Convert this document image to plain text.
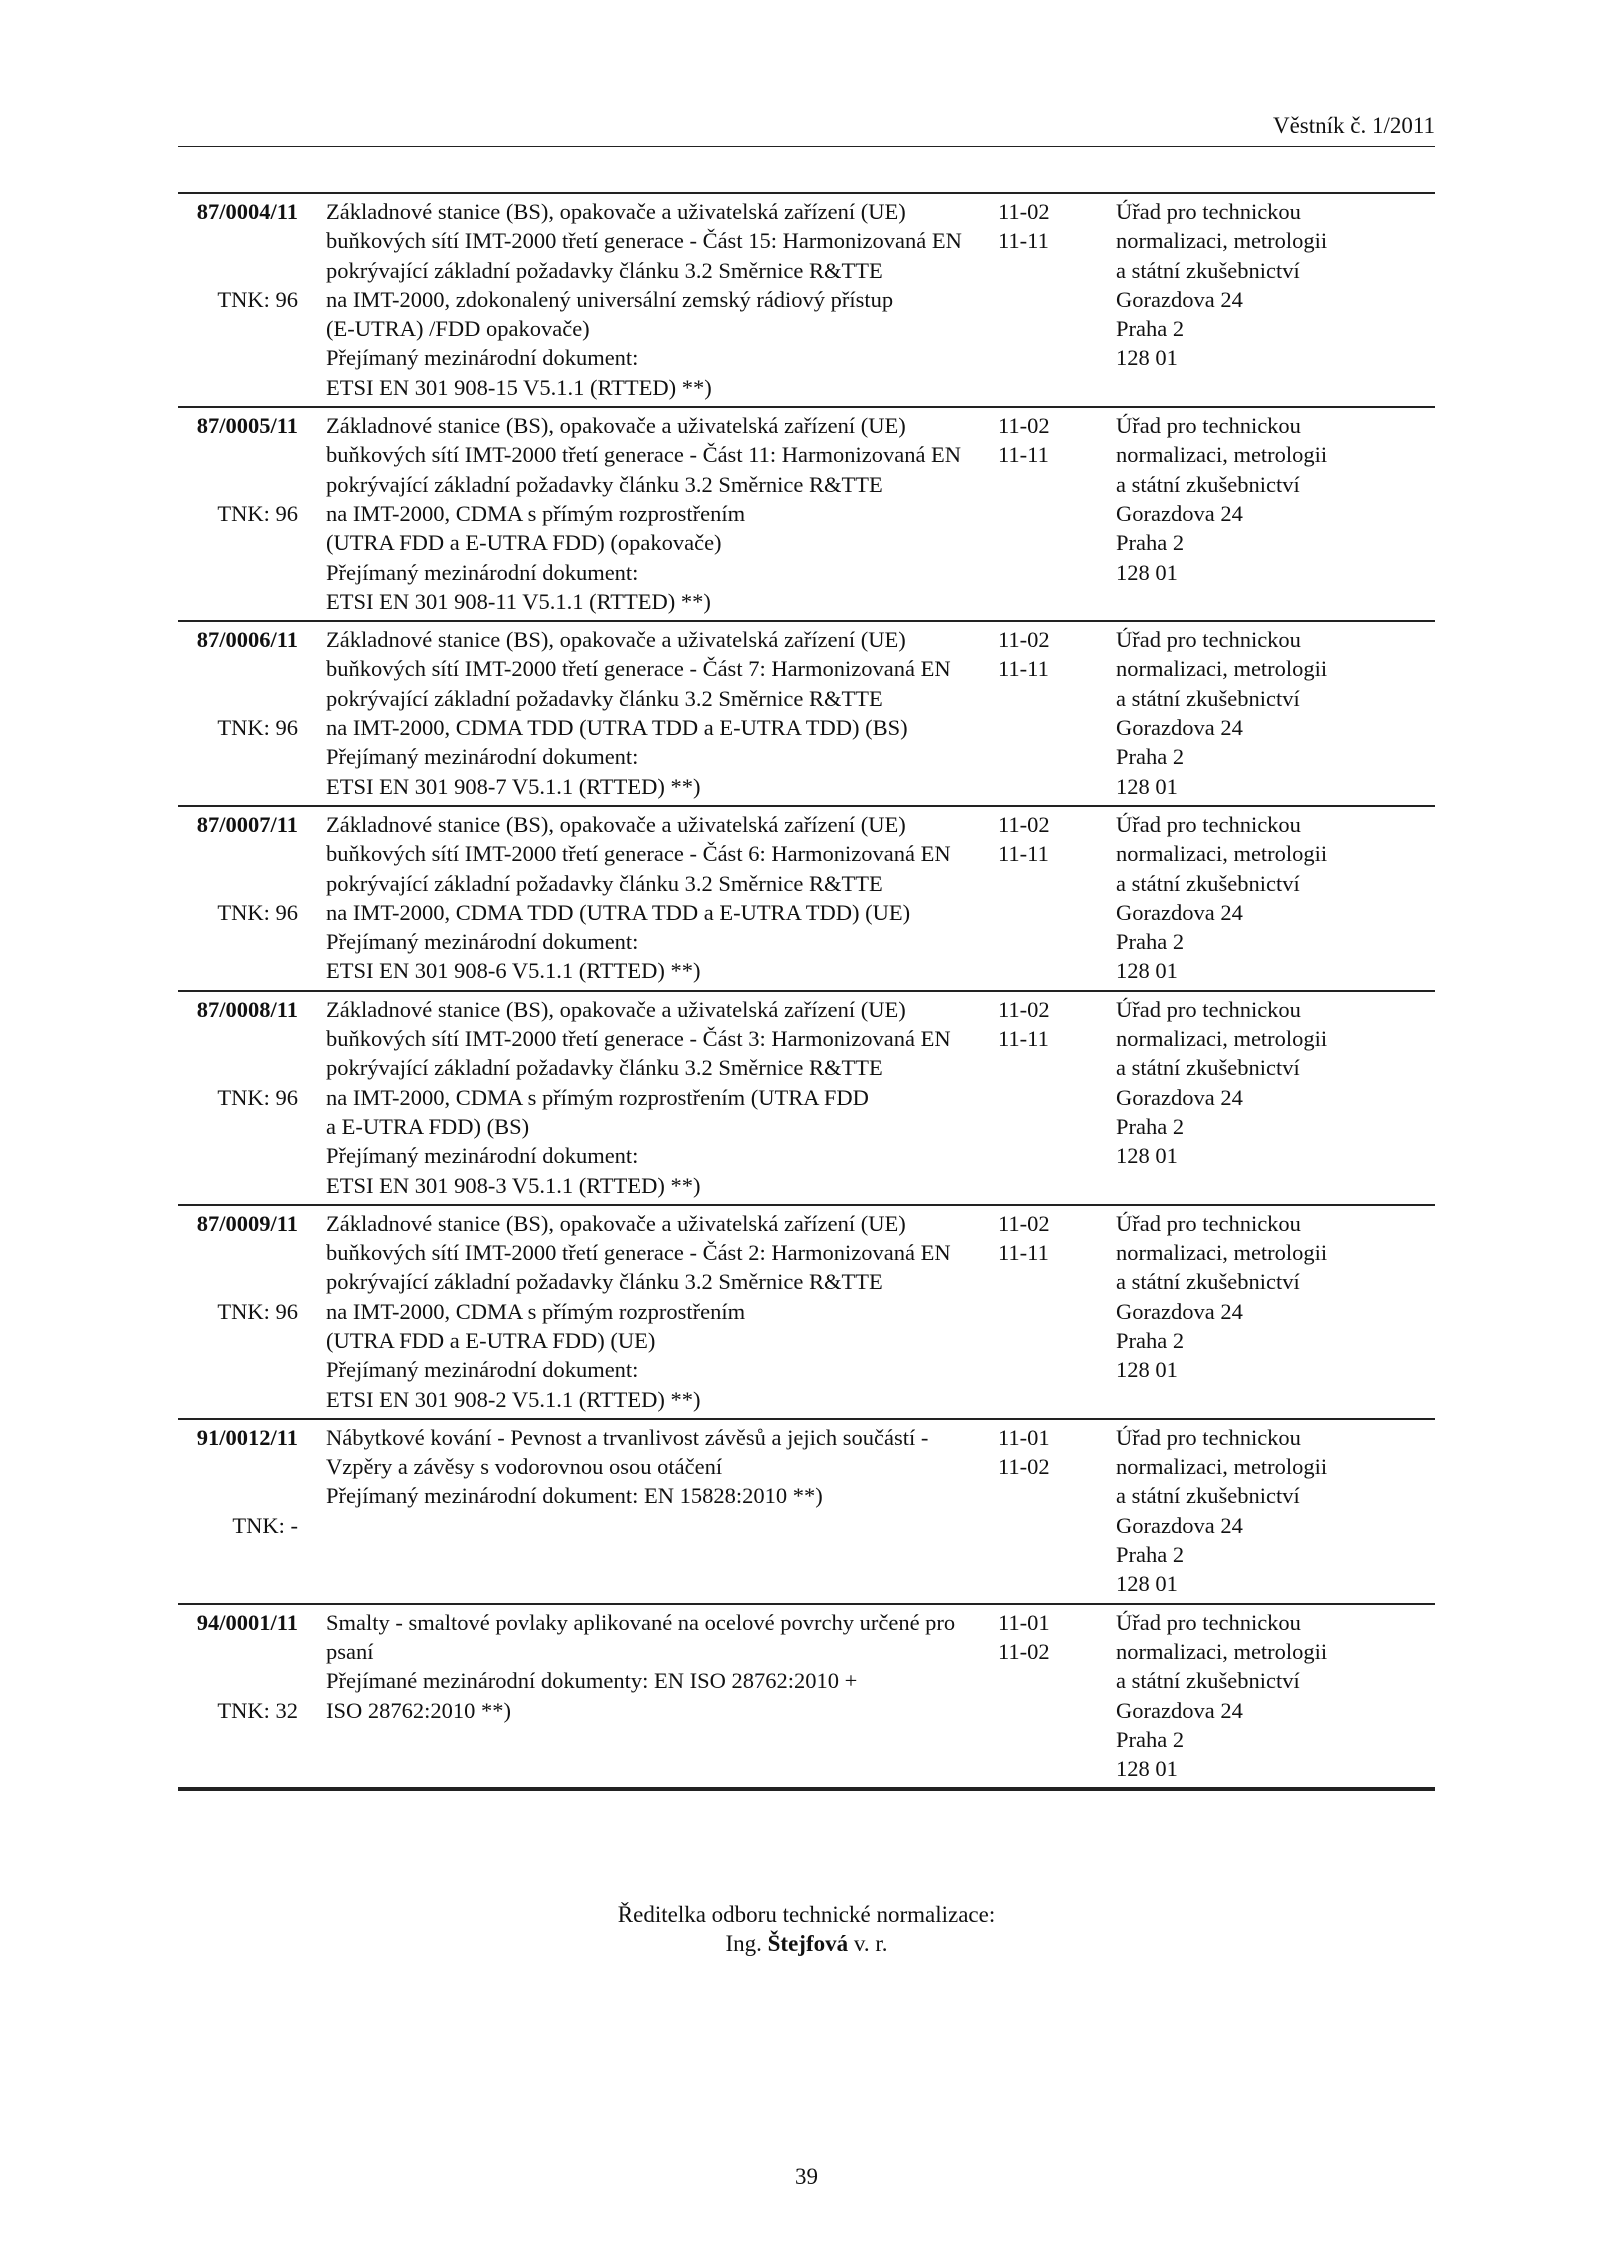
Věstník č. 1/2011
87/0004/11
TNK: 96
Základnové stanice (BS), opakovače a uživatelská zařízení (UE)
buňkových sítí IMT-2000 třetí generace - Část 15: Harmonizovaná EN
pokrývající základní požadavky článku 3.2 Směrnice R&TTE
na IMT-2000, zdokonalený universální zemský rádiový přístup
(E-UTRA) /FDD opakovače)
Přejímaný mezinárodní dokument:
ETSI EN 301 908-15 V5.1.1 (RTTED) **)
11-02
11-11
Úřad pro technickou
normalizaci, metrologii
a státní zkušebnictví
Gorazdova 24
Praha 2
128 01
87/0005/11
TNK: 96
Základnové stanice (BS), opakovače a uživatelská zařízení (UE)
buňkových sítí IMT-2000 třetí generace - Část 11: Harmonizovaná EN
pokrývající základní požadavky článku 3.2 Směrnice R&TTE
na IMT-2000, CDMA s přímým rozprostřením
(UTRA FDD a E-UTRA FDD) (opakovače)
Přejímaný mezinárodní dokument:
ETSI EN 301 908-11 V5.1.1 (RTTED) **)
11-02
11-11
Úřad pro technickou
normalizaci, metrologii
a státní zkušebnictví
Gorazdova 24
Praha 2
128 01
87/0006/11
TNK: 96
Základnové stanice (BS), opakovače a uživatelská zařízení (UE)
buňkových sítí IMT-2000 třetí generace - Část 7: Harmonizovaná EN
pokrývající základní požadavky článku 3.2 Směrnice R&TTE
na IMT-2000, CDMA TDD (UTRA TDD a E-UTRA TDD) (BS)
Přejímaný mezinárodní dokument:
ETSI EN 301 908-7 V5.1.1 (RTTED) **)
11-02
11-11
Úřad pro technickou
normalizaci, metrologii
a státní zkušebnictví
Gorazdova 24
Praha 2
128 01
87/0007/11
TNK: 96
Základnové stanice (BS), opakovače a uživatelská zařízení (UE)
buňkových sítí IMT-2000 třetí generace - Část 6: Harmonizovaná EN
pokrývající základní požadavky článku 3.2 Směrnice R&TTE
na IMT-2000, CDMA TDD (UTRA TDD a E-UTRA TDD) (UE)
Přejímaný mezinárodní dokument:
ETSI EN 301 908-6 V5.1.1 (RTTED) **)
11-02
11-11
Úřad pro technickou
normalizaci, metrologii
a státní zkušebnictví
Gorazdova 24
Praha 2
128 01
87/0008/11
TNK: 96
Základnové stanice (BS), opakovače a uživatelská zařízení (UE)
buňkových sítí IMT-2000 třetí generace - Část 3: Harmonizovaná EN
pokrývající základní požadavky článku 3.2 Směrnice R&TTE
na IMT-2000, CDMA s přímým rozprostřením (UTRA FDD
a E-UTRA FDD) (BS)
Přejímaný mezinárodní dokument:
ETSI EN 301 908-3 V5.1.1 (RTTED) **)
11-02
11-11
Úřad pro technickou
normalizaci, metrologii
a státní zkušebnictví
Gorazdova 24
Praha 2
128 01
87/0009/11
TNK: 96
Základnové stanice (BS), opakovače a uživatelská zařízení (UE)
buňkových sítí IMT-2000 třetí generace - Část 2: Harmonizovaná EN
pokrývající základní požadavky článku 3.2 Směrnice R&TTE
na IMT-2000, CDMA s přímým rozprostřením
(UTRA FDD a E-UTRA FDD) (UE)
Přejímaný mezinárodní dokument:
ETSI EN 301 908-2 V5.1.1 (RTTED) **)
11-02
11-11
Úřad pro technickou
normalizaci, metrologii
a státní zkušebnictví
Gorazdova 24
Praha 2
128 01
91/0012/11
TNK: -
Nábytkové kování - Pevnost a trvanlivost závěsů a jejich součástí -
Vzpěry a závěsy s vodorovnou osou otáčení
Přejímaný mezinárodní dokument: EN 15828:2010 **)
11-01
11-02
Úřad pro technickou
normalizaci, metrologii
a státní zkušebnictví
Gorazdova 24
Praha 2
128 01
94/0001/11
TNK: 32
Smalty - smaltové povlaky aplikované na ocelové povrchy určené pro
psaní
Přejímané mezinárodní dokumenty: EN ISO 28762:2010 +
ISO 28762:2010 **)
11-01
11-02
Úřad pro technickou
normalizaci, metrologii
a státní zkušebnictví
Gorazdova 24
Praha 2
128 01
Ředitelka odboru technické normalizace:
Ing. Štejfová v. r.
39
